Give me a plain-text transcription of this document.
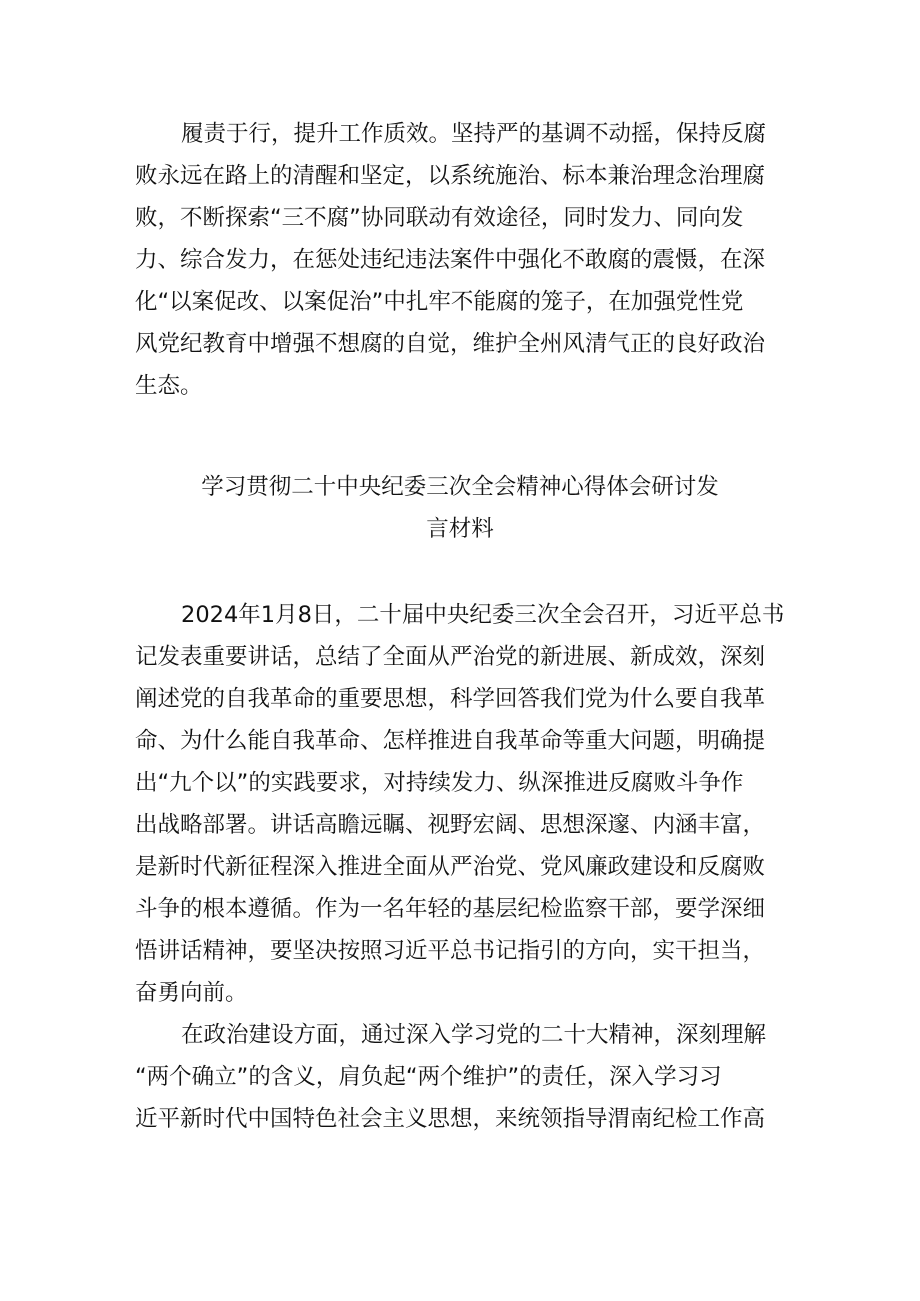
履责于行，提升工作质效。坚持严的基调不动摇，保持反腐
败永远在路上的清醒和坚定，以系统施治、标本兼治理念治理腐
败，不断探索“三不腐”协同联动有效途径，同时发力、同向发
力、综合发力，在惩处违纪违法案件中强化不敢腐的震慑，在深
化“以案促改、以案促治”中扎牢不能腐的笼子，在加强党性党
风党纪教育中增强不想腐的自觉，维护全州风清气正的良好政治
生态。
学习贯彻二十中央纪委三次全会精神心得体会研讨发
言材料
2024年1月8日，二十届中央纪委三次全会召开，习近平总书
记发表重要讲话，总结了全面从严治党的新进展、新成效，深刻
阐述党的自我革命的重要思想，科学回答我们党为什么要自我革
命、为什么能自我革命、怎样推进自我革命等重大问题，明确提
出“九个以”的实践要求，对持续发力、纵深推进反腐败斗争作
出战略部署。讲话高瞻远瞩、视野宏阔、思想深邃、内涵丰富，
是新时代新征程深入推进全面从严治党、党风廉政建设和反腐败
斗争的根本遵循。作为一名年轻的基层纪检监察干部，要学深细
悟讲话精神，要坚决按照习近平总书记指引的方向，实干担当，
奋勇向前。
在政治建设方面，通过深入学习党的二十大精神，深刻理解
“两个确立”的含义，肩负起“两个维护”的责任，深入学习习
近平新时代中国特色社会主义思想，来统领指导渭南纪检工作高
